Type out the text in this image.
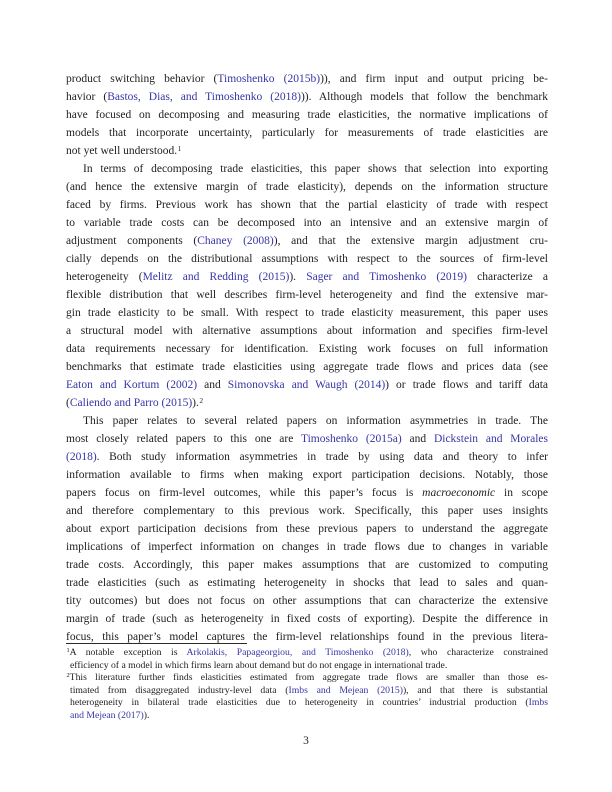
product switching behavior (Timoshenko (2015b))), and firm input and output pricing be-
havior (Bastos, Dias, and Timoshenko (2018))). Although models that follow the benchmark
have focused on decomposing and measuring trade elasticities, the normative implications of
models that incorporate uncertainty, particularly for measurements of trade elasticities are
not yet well understood.$^1$
In terms of decomposing trade elasticities, this paper shows that selection into exporting
(and hence the extensive margin of trade elasticity), depends on the information structure
faced by firms. Previous work has shown that the partial elasticity of trade with respect
to variable trade costs can be decomposed into an intensive and an extensive margin of
adjustment components (Chaney (2008)), and that the extensive margin adjustment cru-
cially depends on the distributional assumptions with respect to the sources of firm-level
heterogeneity (Melitz and Redding (2015)). Sager and Timoshenko (2019) characterize a
flexible distribution that well describes firm-level heterogeneity and find the extensive mar-
gin trade elasticity to be small. With respect to trade elasticity measurement, this paper uses
a structural model with alternative assumptions about information and specifies firm-level
data requirements necessary for identification. Existing work focuses on full information
benchmarks that estimate trade elasticities using aggregate trade flows and prices data (see
Eaton and Kortum (2002) and Simonovska and Waugh (2014)) or trade flows and tariff data
(Caliendo and Parro (2015)).$^2$
This paper relates to several related papers on information asymmetries in trade. The
most closely related papers to this one are Timoshenko (2015a) and Dickstein and Morales
(2018). Both study information asymmetries in trade by using data and theory to infer
information available to firms when making export participation decisions. Notably, those
papers focus on firm-level outcomes, while this paper’s focus is macroeconomic in scope
and therefore complementary to this previous work. Specifically, this paper uses insights
about export participation decisions from these previous papers to understand the aggregate
implications of imperfect information on changes in trade flows due to changes in variable
trade costs. Accordingly, this paper makes assumptions that are customized to computing
trade elasticities (such as estimating heterogeneity in shocks that lead to sales and quan-
tity outcomes) but does not focus on other assumptions that can characterize the extensive
margin of trade (such as heterogeneity in fixed costs of exporting). Despite the difference in
focus, this paper’s model captures the firm-level relationships found in the previous litera-
$^1$A notable exception is Arkolakis, Papageorgiou, and Timoshenko (2018), who characterize constrained
efficiency of a model in which firms learn about demand but do not engage in international trade.
$^2$This literature further finds elasticities estimated from aggregate trade flows are smaller than those es-
timated from disaggregated industry-level data (Imbs and Mejean (2015)), and that there is substantial
heterogeneity in bilateral trade elasticities due to heterogeneity in countries’ industrial production (Imbs
and Mejean (2017)).
3
